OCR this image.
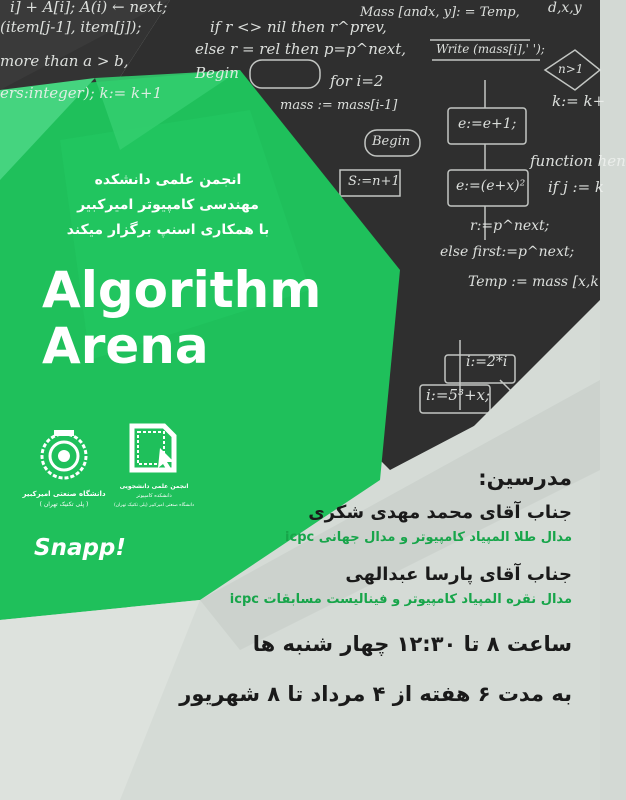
i] + A[i]; A(i) ← next;
(item[j-1], item[j]);	if r <> nil then r^prev,
else r = rel then p=p^next,
more than a > b,
Begin	for i=2
Write (mass[i],' ');
n>1
Mass [andx, y]: = Temp, d,x,y
ers:integer); k:= k+1	k:= k+
mass := mass[i-1]
e:=e+1;
Begin
function hen
S:=n+1	e:=(e+x)² if j := k
r:=p^next;
else first:=p^next;
Temp := mass [x,k
i:=2*i
i:=5³+x;
انجمن علمی دانشکده
مهندسی کامپیوتر امیرکبیر
با همکاری اسنپ برگزار میکند
Algorithm
Arena
دانشگاه صنعتی امیرکبیر
( پلی تکنیک تهران )
انجمن علمی دانشجویی
دانشکده کامپیوتر
دانشگاه صنعتی امیرکبیر (پلی تکنیک تهران)
Snapp!
مدرسین:
جناب آقای محمد مهدی شکری
مدال طلا المپیاد کامپیوتر و مدال جهانی icpc
جناب آقای پارسا عبدالهی
مدال نقره المپیاد کامپیوتر و فینالیست مسابقات icpc
ساعت ۸ تا ۱۲:۳۰ چهار شنبه ها
به مدت ۶ هفته از ۴ مرداد تا ۸ شهریور
